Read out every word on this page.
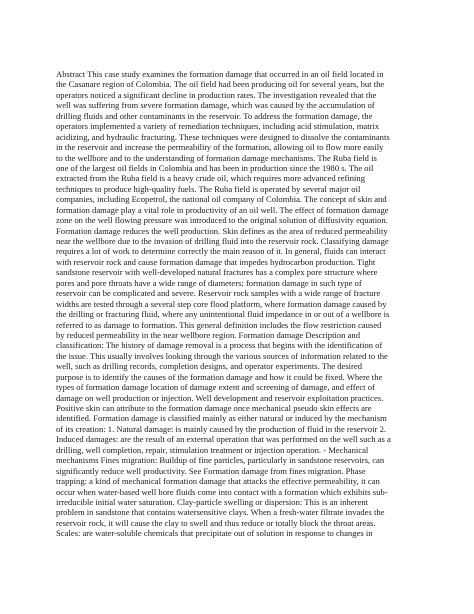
Abstract This case study examines the formation damage that occurred in an oil field located in
the Casanare region of Colombia. The oil field had been producing oil for several years, but the
operators noticed a significant decline in production rates. The investigation revealed that the
well was suffering from severe formation damage, which was caused by the accumulation of
drilling fluids and other contaminants in the reservoir. To address the formation damage, the
operators implemented a variety of remediation techniques, including acid stimulation, matrix
acidizing, and hydraulic fracturing. These techniques were designed to dissolve the contaminants
in the reservoir and increase the permeability of the formation, allowing oil to flow more easily
to the wellbore and to the understanding of formation damage mechanisms. The Ruba field is
one of the largest oil fields in Colombia and has been in production since the 1980 s. The oil
extracted from the Ruba field is a heavy crude oil, which requires more advanced refining
techniques to produce high-quality fuels. The Ruba field is operated by several major oil
companies, including Ecopetrol, the national oil company of Colombia. The concept of skin and
formation damage play a vital role in productivity of an oil well. The effect of formation damage
zone on the well flowing pressure was introduced to the original solution of diffusivity equation.
Formation damage reduces the well production. Skin defines as the area of reduced permeability
near the wellbore due to the invasion of drilling fluid into the reservoir rock. Classifying damage
requires a lot of work to determine correctly the main reason of it. In general, fluids can interact
with reservoir rock and cause formation damage that impedes hydrocarbon production. Tight
sandstone reservoir with well-developed natural fractures has a complex pore structure where
pores and pore throats have a wide range of diameters; formation damage in such type of
reservoir can be complicated and severe. Reservoir rock samples with a wide range of fracture
widths are tested through a several step core flood platform, where formation damage caused by
the drilling or fracturing fluid, where any unintentional fluid impedance in or out of a wellbore is
referred to as damage to formation. This general definition includes the flow restriction caused
by reduced permeability in the near wellbore region. Formation damage Description and
classification: The history of damage removal is a process that begins with the identification of
the issue. This usually involves looking through the various sources of information related to the
well, such as drilling records, completion designs, and operator experiments. The desired
purpose is to identify the causes of the formation damage and how it could be fixed. Where the
types of formation damage location of damage extent and screening of damage, and effect of
damage on well production or injection. Well development and reservoir exploitation practices.
Positive skin can attribute to the formation damage once mechanical pseudo skin effects are
identified. Formation damage is classified mainly as either natural or induced by the mechanism
of its creation: 1. Natural damage: is mainly caused by the production of fluid in the reservoir 2.
Induced damages: are the result of an external operation that was performed on the well such as a
drilling, well completion, repair, stimulation treatment or injection operation. - Mechanical
mechanisms Fines migration: Buildup of fine particles, particularly in sandstone reservoirs, can
significantly reduce well productivity. See Formation damage from fines migration. Phase
trapping: a kind of mechanical formation damage that attacks the effective permeability, it can
occur when water-based well bore fluids come into contact with a formation which exhibits sub-
irreducible initial water saturation. Clay-particle swelling or dispersion: This is an inherent
problem in sandstone that contains watersensitive clays. When a fresh-water filtrate invades the
reservoir rock, it will cause the clay to swell and thus reduce or totally block the throat areas.
Scales: are water-soluble chemicals that precipitate out of solution in response to changes in
